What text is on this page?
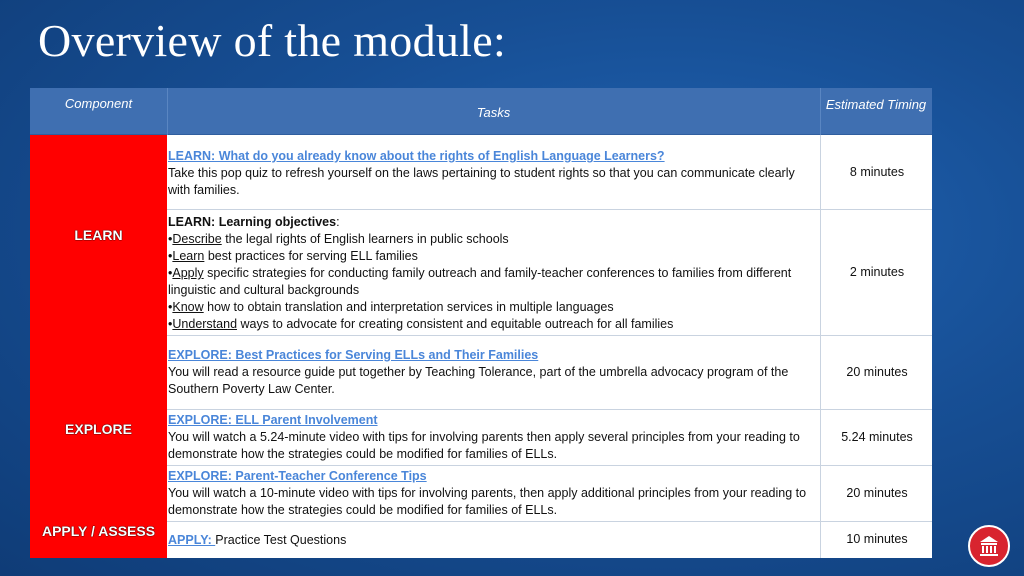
Overview of the module:
Component
Tasks
Estimated Timing
LEARN
EXPLORE
APPLY / ASSESS
LEARN: What do you already know about the rights of English Language Learners?
Take this pop quiz to refresh yourself on the laws pertaining to student rights so that you can communicate clearly with families.
8 minutes
LEARN: Learning objectives:
•Describe the legal rights of English learners in public schools
•Learn best practices for serving ELL families
•Apply specific strategies for conducting family outreach and family-teacher conferences to families from different linguistic and cultural backgrounds
•Know how to obtain translation and interpretation services in multiple languages
•Understand ways to advocate for creating consistent and equitable outreach for all families
2 minutes
EXPLORE: Best Practices for Serving ELLs and Their Families
You will read a resource guide put together by Teaching Tolerance, part of the umbrella advocacy program of the Southern Poverty Law Center.
20 minutes
EXPLORE: ELL Parent Involvement
You will watch a 5.24-minute video with tips for involving parents then apply several principles from your reading to demonstrate how the strategies could be modified for families of ELLs.
5.24 minutes
EXPLORE: Parent-Teacher Conference Tips
You will watch a 10-minute video with tips for involving parents, then apply additional principles from your reading to demonstrate how the strategies could be modified for families of ELLs.
20 minutes
APPLY: Practice Test Questions	10 minutes
